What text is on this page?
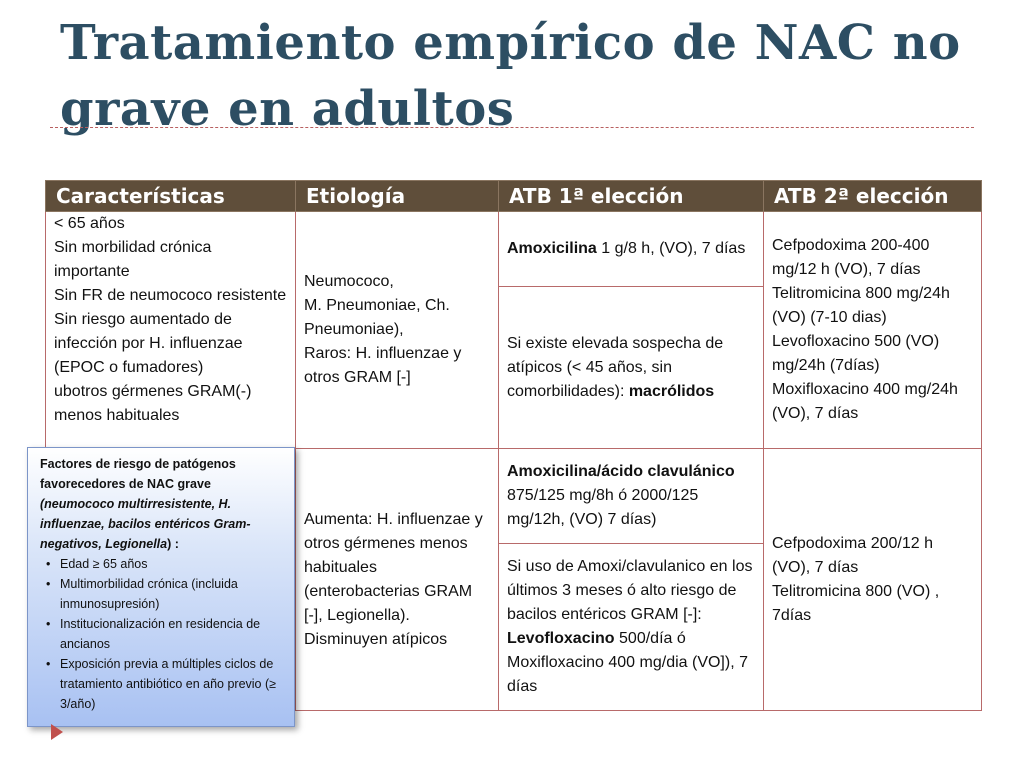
Tratamiento empírico de NAC no grave en adultos
Características	Etiología	ATB 1ª elección	ATB 2ª elección

< 65 años
Sin morbilidad crónica importante
Sin FR de neumococo resistente
Sin riesgo aumentado de infección por H. influenzae (EPOC o fumadores)
ubotros gérmenes GRAM(-) menos habituales	Neumococo,
M. Pneumoniae, Ch. Pneumoniae),
Raros: H. influenzae y otros GRAM [-]	Amoxicilina 1 g/8 h, (VO), 7 días	Cefpodoxima 200-400 mg/12 h (VO), 7 días
Telitromicina 800 mg/24h (VO) (7-10 dias)
Levofloxacino 500 (VO) mg/24h (7días)
Moxifloxacino 400 mg/24h (VO), 7 días

		Si existe elevada sospecha de atípicos (< 45 años, sin comorbilidades): macrólidos	
	Aumenta: H. influenzae y otros gérmenes menos habituales (enterobacterias GRAM [-], Legionella). Disminuyen atípicos	Amoxicilina/ácido clavulánico 875/125 mg/8h ó 2000/125 mg/12h, (VO) 7 días)	Cefpodoxima 200/12 h (VO), 7 días
Telitromicina 800 (VO) , 7días

		Si uso de Amoxi/clavulanico en los últimos 3 meses ó alto riesgo de bacilos entéricos GRAM [-]: Levofloxacino 500/día ó Moxifloxacino 400 mg/dia (VO]), 7 días	
Factores de riesgo de patógenos favorecedores de NAC grave (neumococo multirresistente, H. influenzae, bacilos entéricos Gram-negativos, Legionella) :
• Edad ≥ 65 años
• Multimorbilidad crónica (incluida inmunosupresión)
• Institucionalización en residencia de ancianos
• Exposición previa a múltiples ciclos de tratamiento antibiótico en año previo (≥ 3/año)
